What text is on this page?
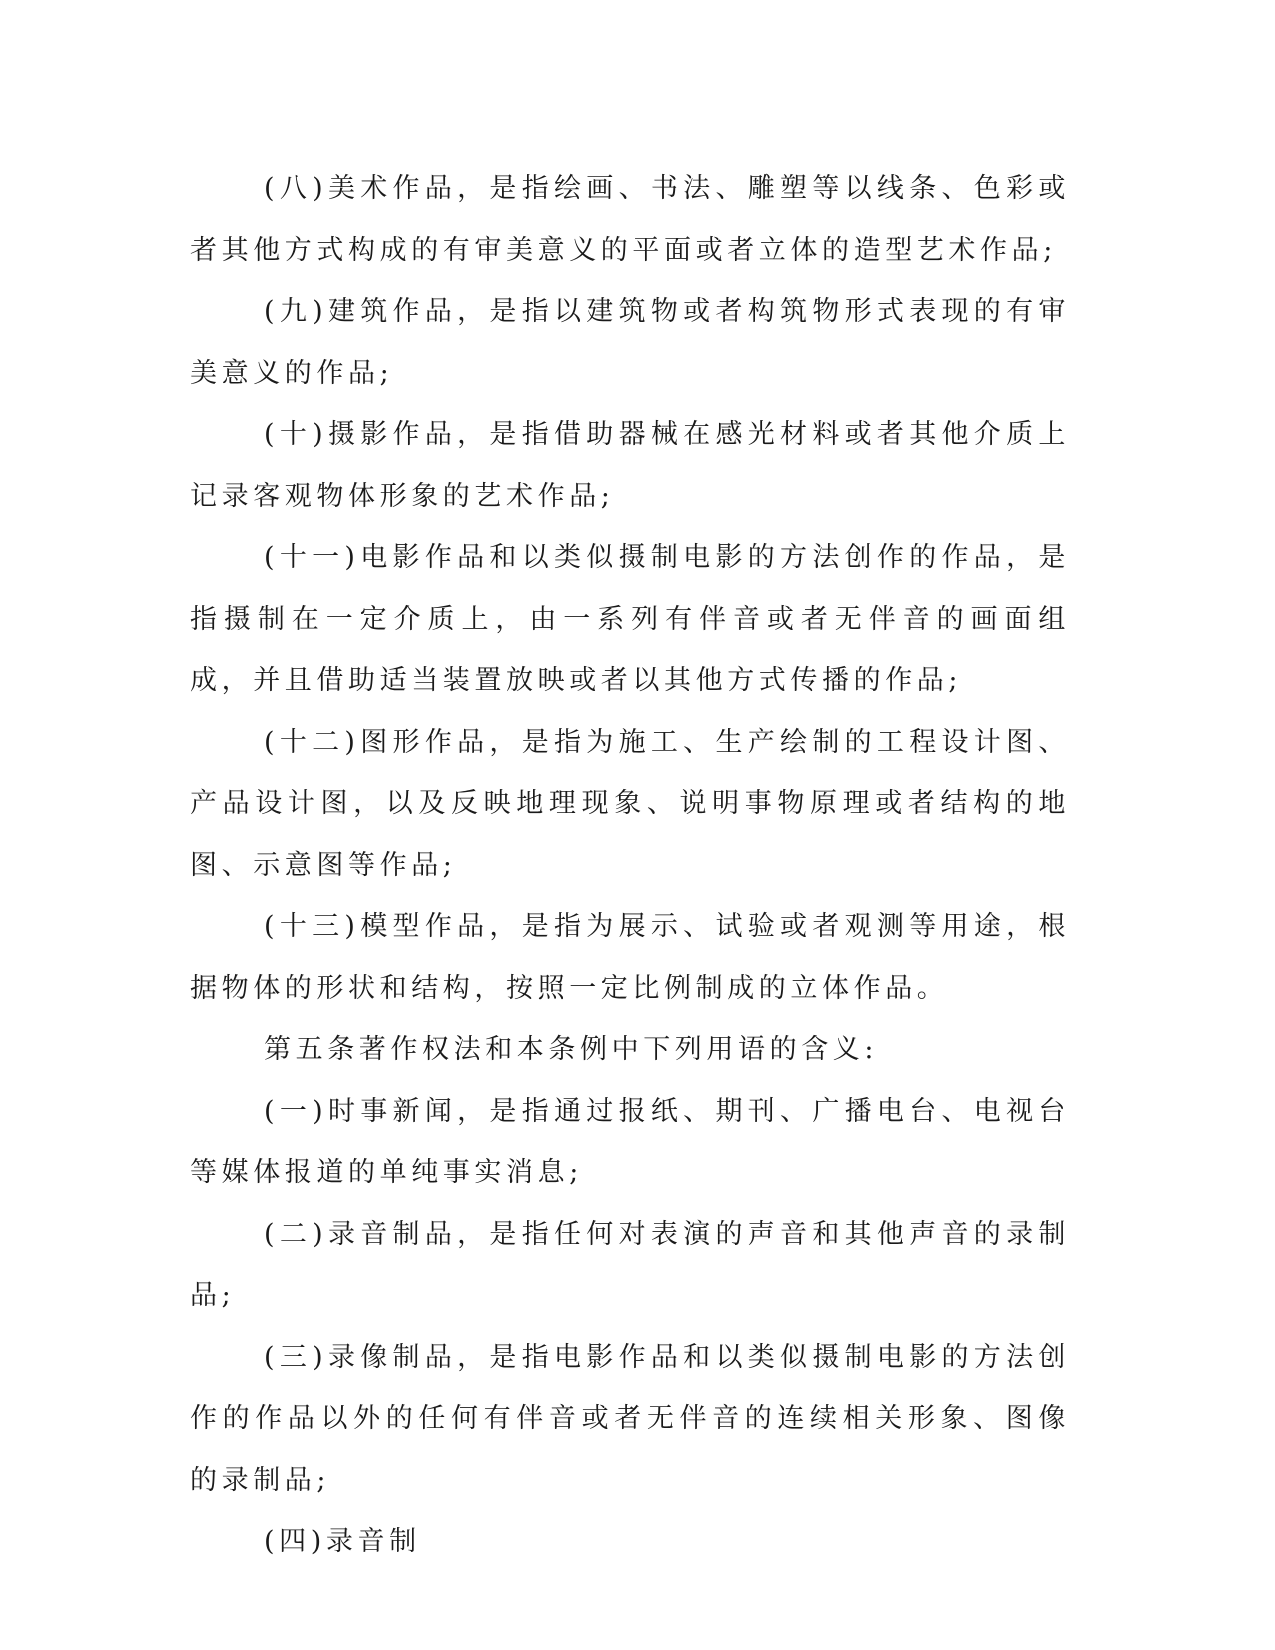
(八)美术作品，是指绘画、书法、雕塑等以线条、色彩或者其他方式构成的有审美意义的平面或者立体的造型艺术作品;

(九)建筑作品，是指以建筑物或者构筑物形式表现的有审美意义的作品;

(十)摄影作品，是指借助器械在感光材料或者其他介质上记录客观物体形象的艺术作品;

(十一)电影作品和以类似摄制电影的方法创作的作品，是指摄制在一定介质上，由一系列有伴音或者无伴音的画面组成，并且借助适当装置放映或者以其他方式传播的作品;

(十二)图形作品，是指为施工、生产绘制的工程设计图、产品设计图，以及反映地理现象、说明事物原理或者结构的地图、示意图等作品;

(十三)模型作品，是指为展示、试验或者观测等用途，根据物体的形状和结构，按照一定比例制成的立体作品。

第五条著作权法和本条例中下列用语的含义:

(一)时事新闻，是指通过报纸、期刊、广播电台、电视台等媒体报道的单纯事实消息;

(二)录音制品，是指任何对表演的声音和其他声音的录制品;

(三)录像制品，是指电影作品和以类似摄制电影的方法创作的作品以外的任何有伴音或者无伴音的连续相关形象、图像的录制品;

(四)录音制
